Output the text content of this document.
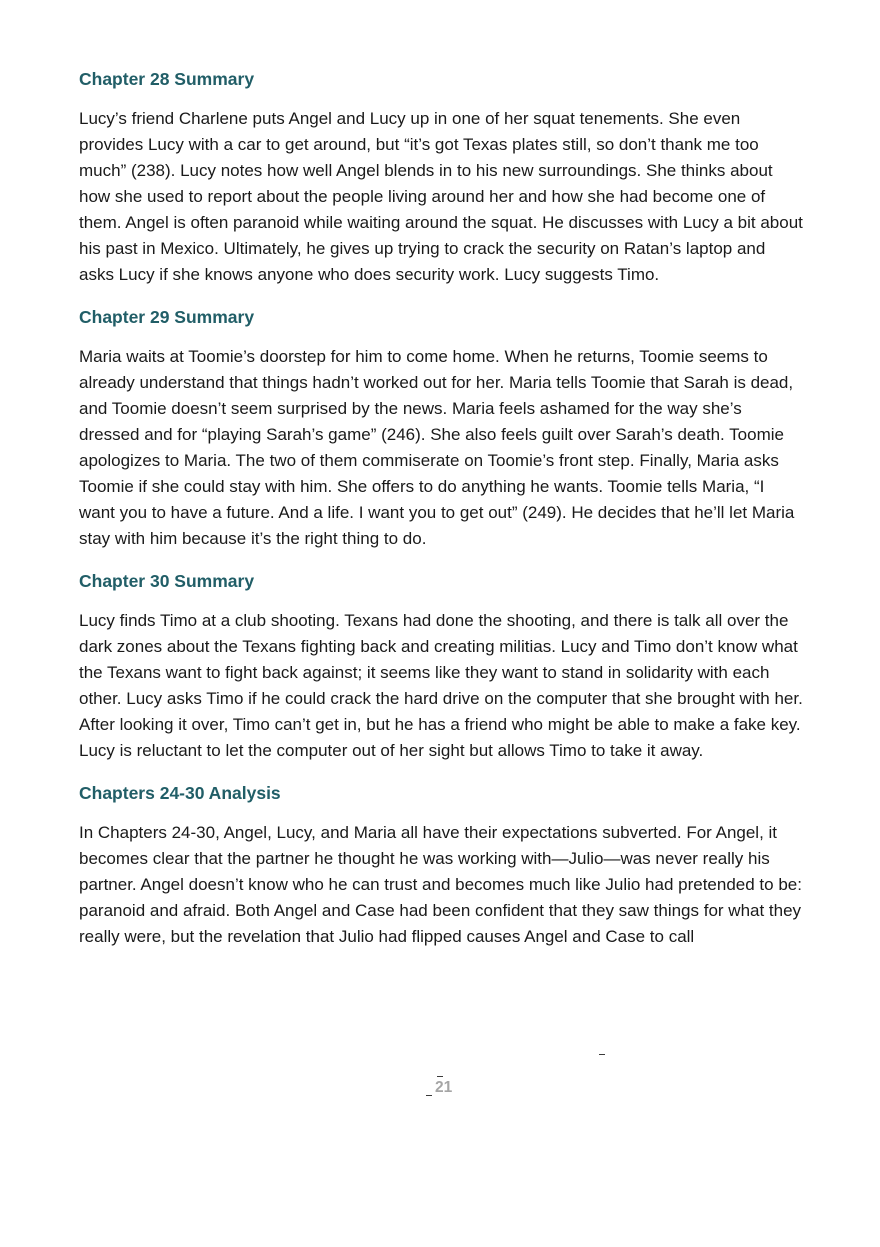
Chapter 28 Summary

Lucy’s friend Charlene puts Angel and Lucy up in one of her squat tenements. She even provides Lucy with a car to get around, but “it’s got Texas plates still, so don’t thank me too much” (238). Lucy notes how well Angel blends in to his new surroundings. She thinks about how she used to report about the people living around her and how she had become one of them. Angel is often paranoid while waiting around the squat. He discusses with Lucy a bit about his past in Mexico. Ultimately, he gives up trying to crack the security on Ratan’s laptop and asks Lucy if she knows anyone who does security work. Lucy suggests Timo.

Chapter 29 Summary

Maria waits at Toomie’s doorstep for him to come home. When he returns, Toomie seems to already understand that things hadn’t worked out for her. Maria tells Toomie that Sarah is dead, and Toomie doesn’t seem surprised by the news. Maria feels ashamed for the way she’s dressed and for “playing Sarah’s game” (246). She also feels guilt over Sarah’s death. Toomie apologizes to Maria. The two of them commiserate on Toomie’s front step. Finally, Maria asks Toomie if she could stay with him. She offers to do anything he wants. Toomie tells Maria, “I want you to have a future. And a life. I want you to get out” (249). He decides that he’ll let Maria stay with him because it’s the right thing to do.

Chapter 30 Summary

Lucy finds Timo at a club shooting. Texans had done the shooting, and there is talk all over the dark zones about the Texans fighting back and creating militias. Lucy and Timo don’t know what the Texans want to fight back against; it seems like they want to stand in solidarity with each other. Lucy asks Timo if he could crack the hard drive on the computer that she brought with her. After looking it over, Timo can’t get in, but he has a friend who might be able to make a fake key. Lucy is reluctant to let the computer out of her sight but allows Timo to take it away.

Chapters 24-30 Analysis

In Chapters 24-30, Angel, Lucy, and Maria all have their expectations subverted. For Angel, it becomes clear that the partner he thought he was working with—Julio—was never really his partner. Angel doesn’t know who he can trust and becomes much like Julio had pretended to be: paranoid and afraid. Both Angel and Case had been confident that they saw things for what they really were, but the revelation that Julio had flipped causes Angel and Case to call

21
